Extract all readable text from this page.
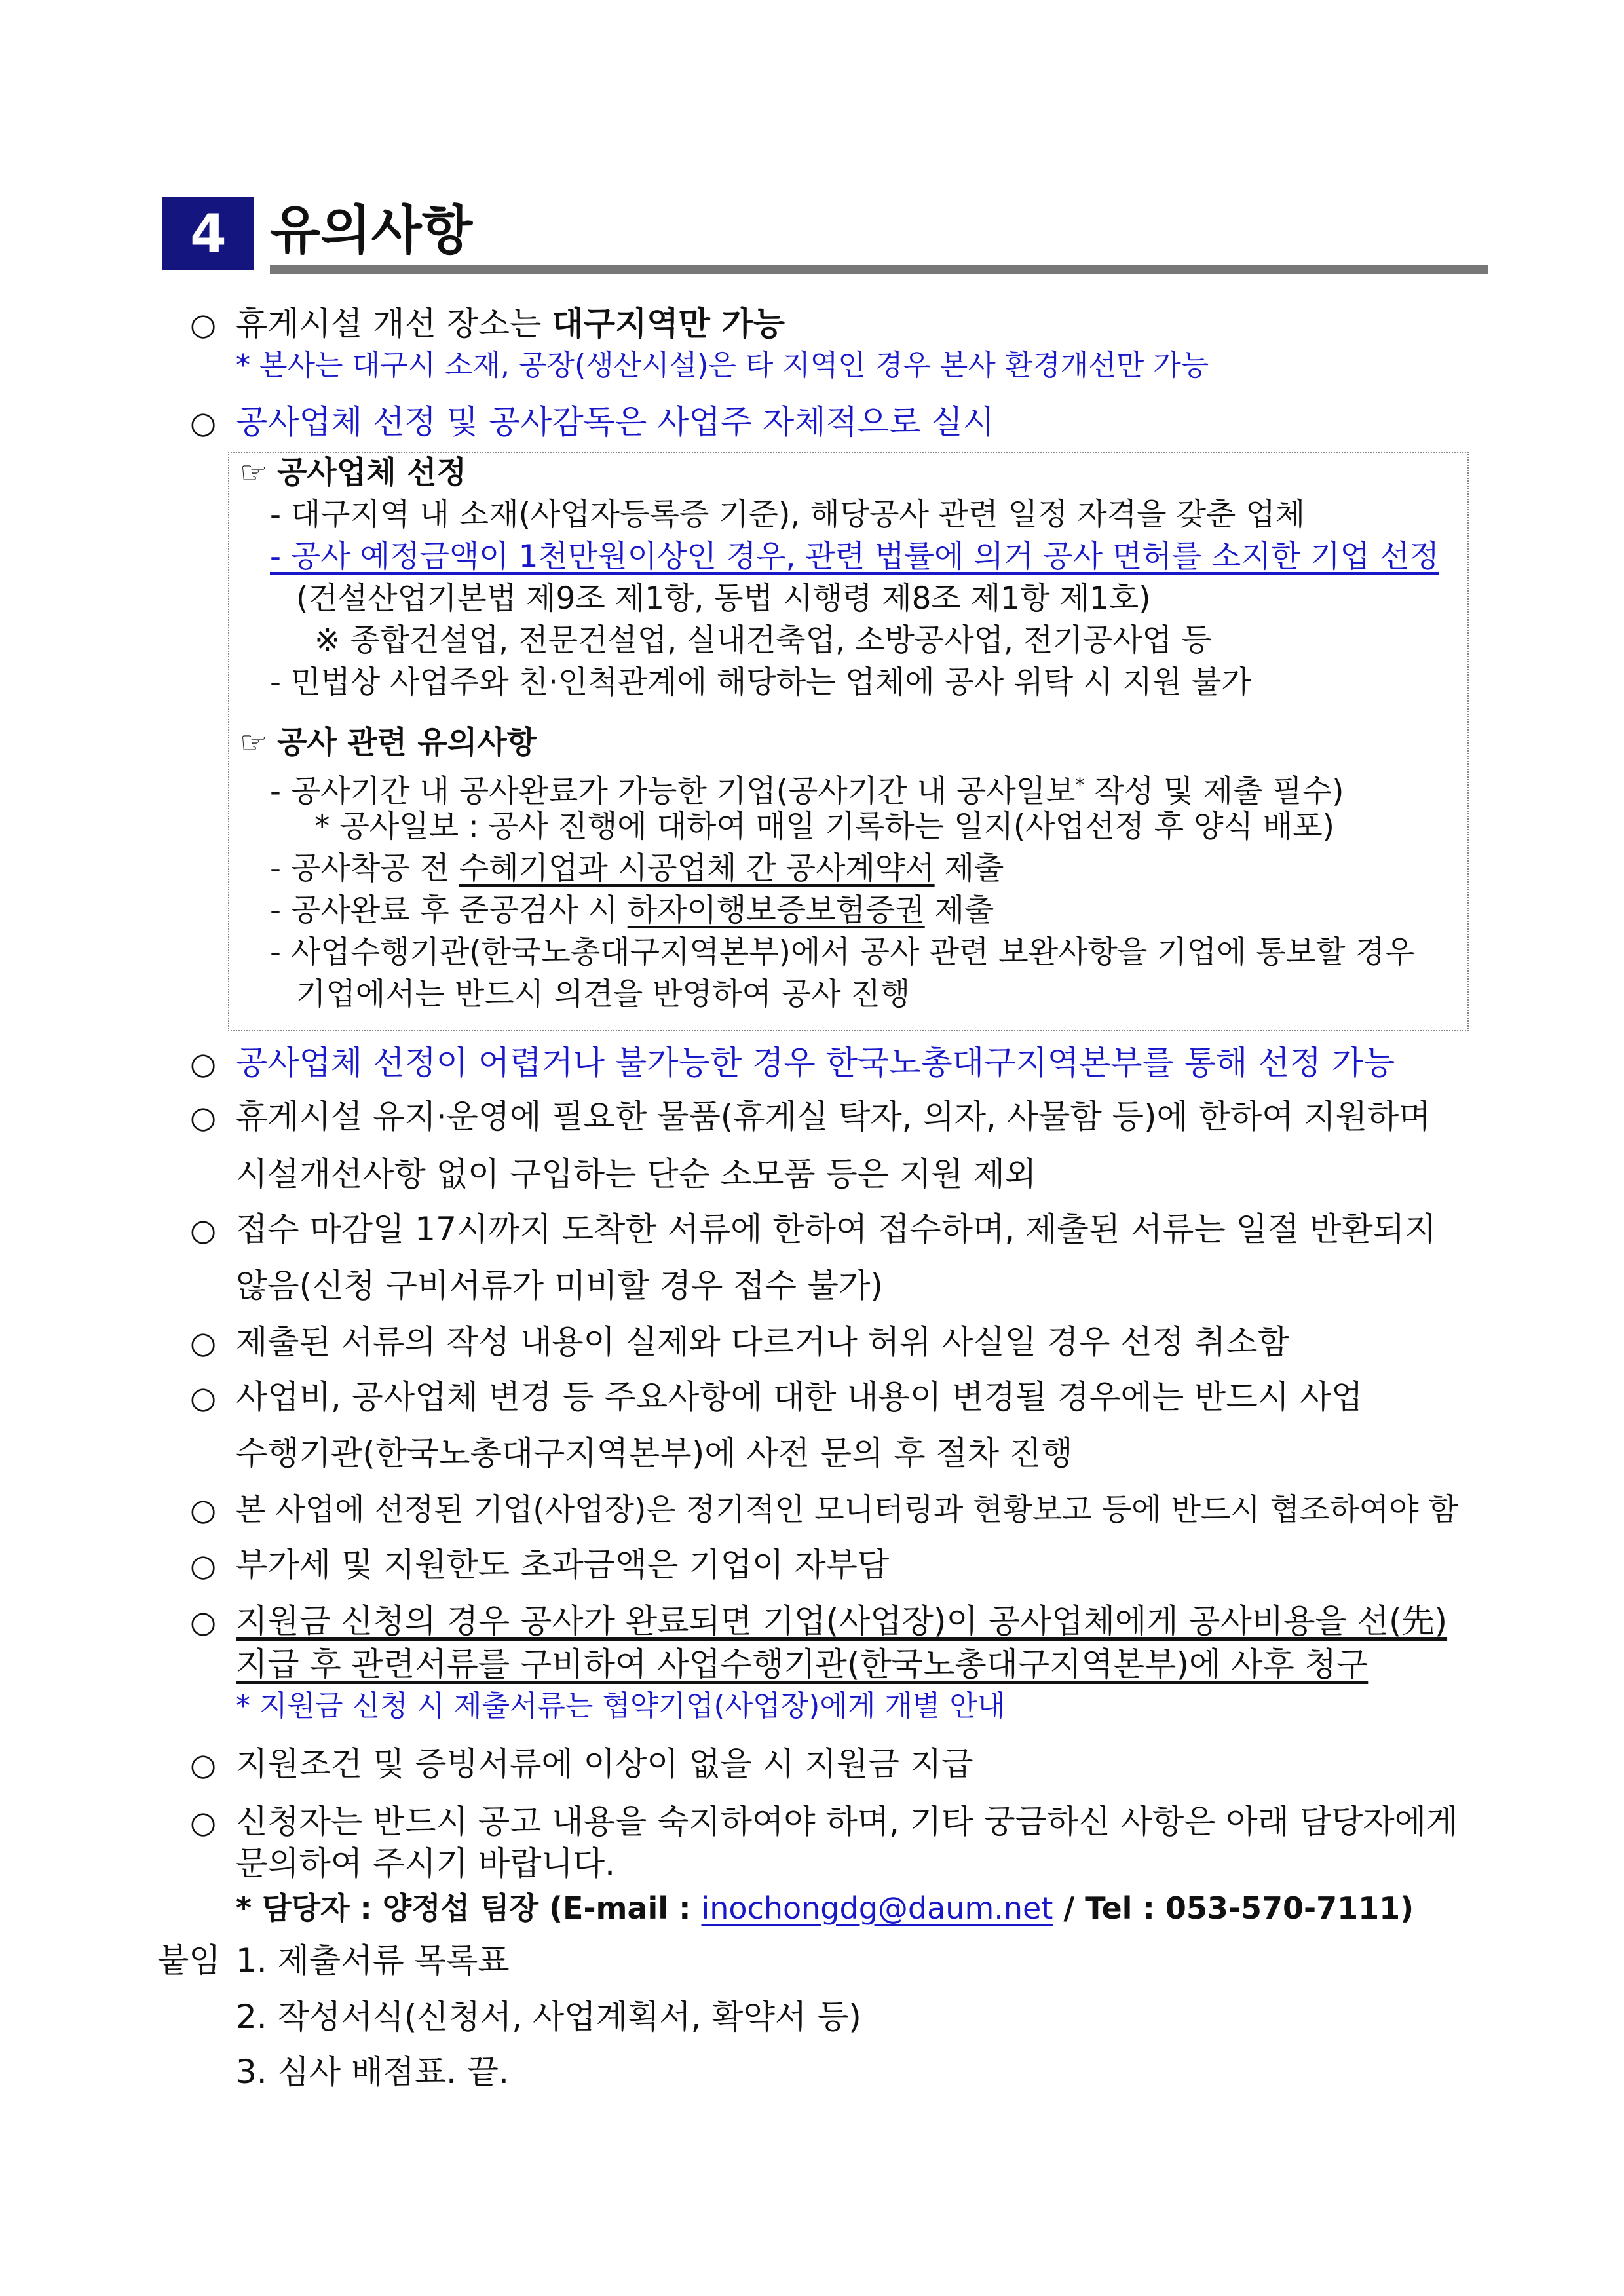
4 유의사항
○ 휴게시설 개선 장소는 대구지역만 가능
* 본사는 대구시 소재, 공장(생산시설)은 타 지역인 경우 본사 환경개선만 가능
○ 공사업체 선정 및 공사감독은 사업주 자체적으로 실시
☞ 공사업체 선정
- 대구지역 내 소재(사업자등록증 기준), 해당공사 관련 일정 자격을 갖춘 업체
- 공사 예정금액이 1천만원이상인 경우, 관련 법률에 의거 공사 면허를 소지한 기업 선정
(건설산업기본법 제9조 제1항, 동법 시행령 제8조 제1항 제1호)
※ 종합건설업, 전문건설업, 실내건축업, 소방공사업, 전기공사업 등
- 민법상 사업주와 친·인척관계에 해당하는 업체에 공사 위탁 시 지원 불가
☞ 공사 관련 유의사항
- 공사기간 내 공사완료가 가능한 기업(공사기간 내 공사일보* 작성 및 제출 필수)
* 공사일보 : 공사 진행에 대하여 매일 기록하는 일지(사업선정 후 양식 배포)
- 공사착공 전 수혜기업과 시공업체 간 공사계약서 제출
- 공사완료 후 준공검사 시 하자이행보증보험증권 제출
- 사업수행기관(한국노총대구지역본부)에서 공사 관련 보완사항을 기업에 통보할 경우
기업에서는 반드시 의견을 반영하여 공사 진행
○ 공사업체 선정이 어렵거나 불가능한 경우 한국노총대구지역본부를 통해 선정 가능
○ 휴게시설 유지·운영에 필요한 물품(휴게실 탁자, 의자, 사물함 등)에 한하여 지원하며
시설개선사항 없이 구입하는 단순 소모품 등은 지원 제외
○ 접수 마감일 17시까지 도착한 서류에 한하여 접수하며, 제출된 서류는 일절 반환되지
않음(신청 구비서류가 미비할 경우 접수 불가)
○ 제출된 서류의 작성 내용이 실제와 다르거나 허위 사실일 경우 선정 취소함
○ 사업비, 공사업체 변경 등 주요사항에 대한 내용이 변경될 경우에는 반드시 사업
수행기관(한국노총대구지역본부)에 사전 문의 후 절차 진행
○ 본 사업에 선정된 기업(사업장)은 정기적인 모니터링과 현황보고 등에 반드시 협조하여야 함
○ 부가세 및 지원한도 초과금액은 기업이 자부담
○ 지원금 신청의 경우 공사가 완료되면 기업(사업장)이 공사업체에게 공사비용을 선(先)
지급 후 관련서류를 구비하여 사업수행기관(한국노총대구지역본부)에 사후 청구
* 지원금 신청 시 제출서류는 협약기업(사업장)에게 개별 안내
○ 지원조건 및 증빙서류에 이상이 없을 시 지원금 지급
○ 신청자는 반드시 공고 내용을 숙지하여야 하며, 기타 궁금하신 사항은 아래 담당자에게
문의하여 주시기 바랍니다.
* 담당자 : 양정섭 팀장 (E-mail : inochongdg@daum.net / Tel : 053-570-7111)
붙임 1. 제출서류 목록표
2. 작성서식(신청서, 사업계획서, 확약서 등)
3. 심사 배점표. 끝.
